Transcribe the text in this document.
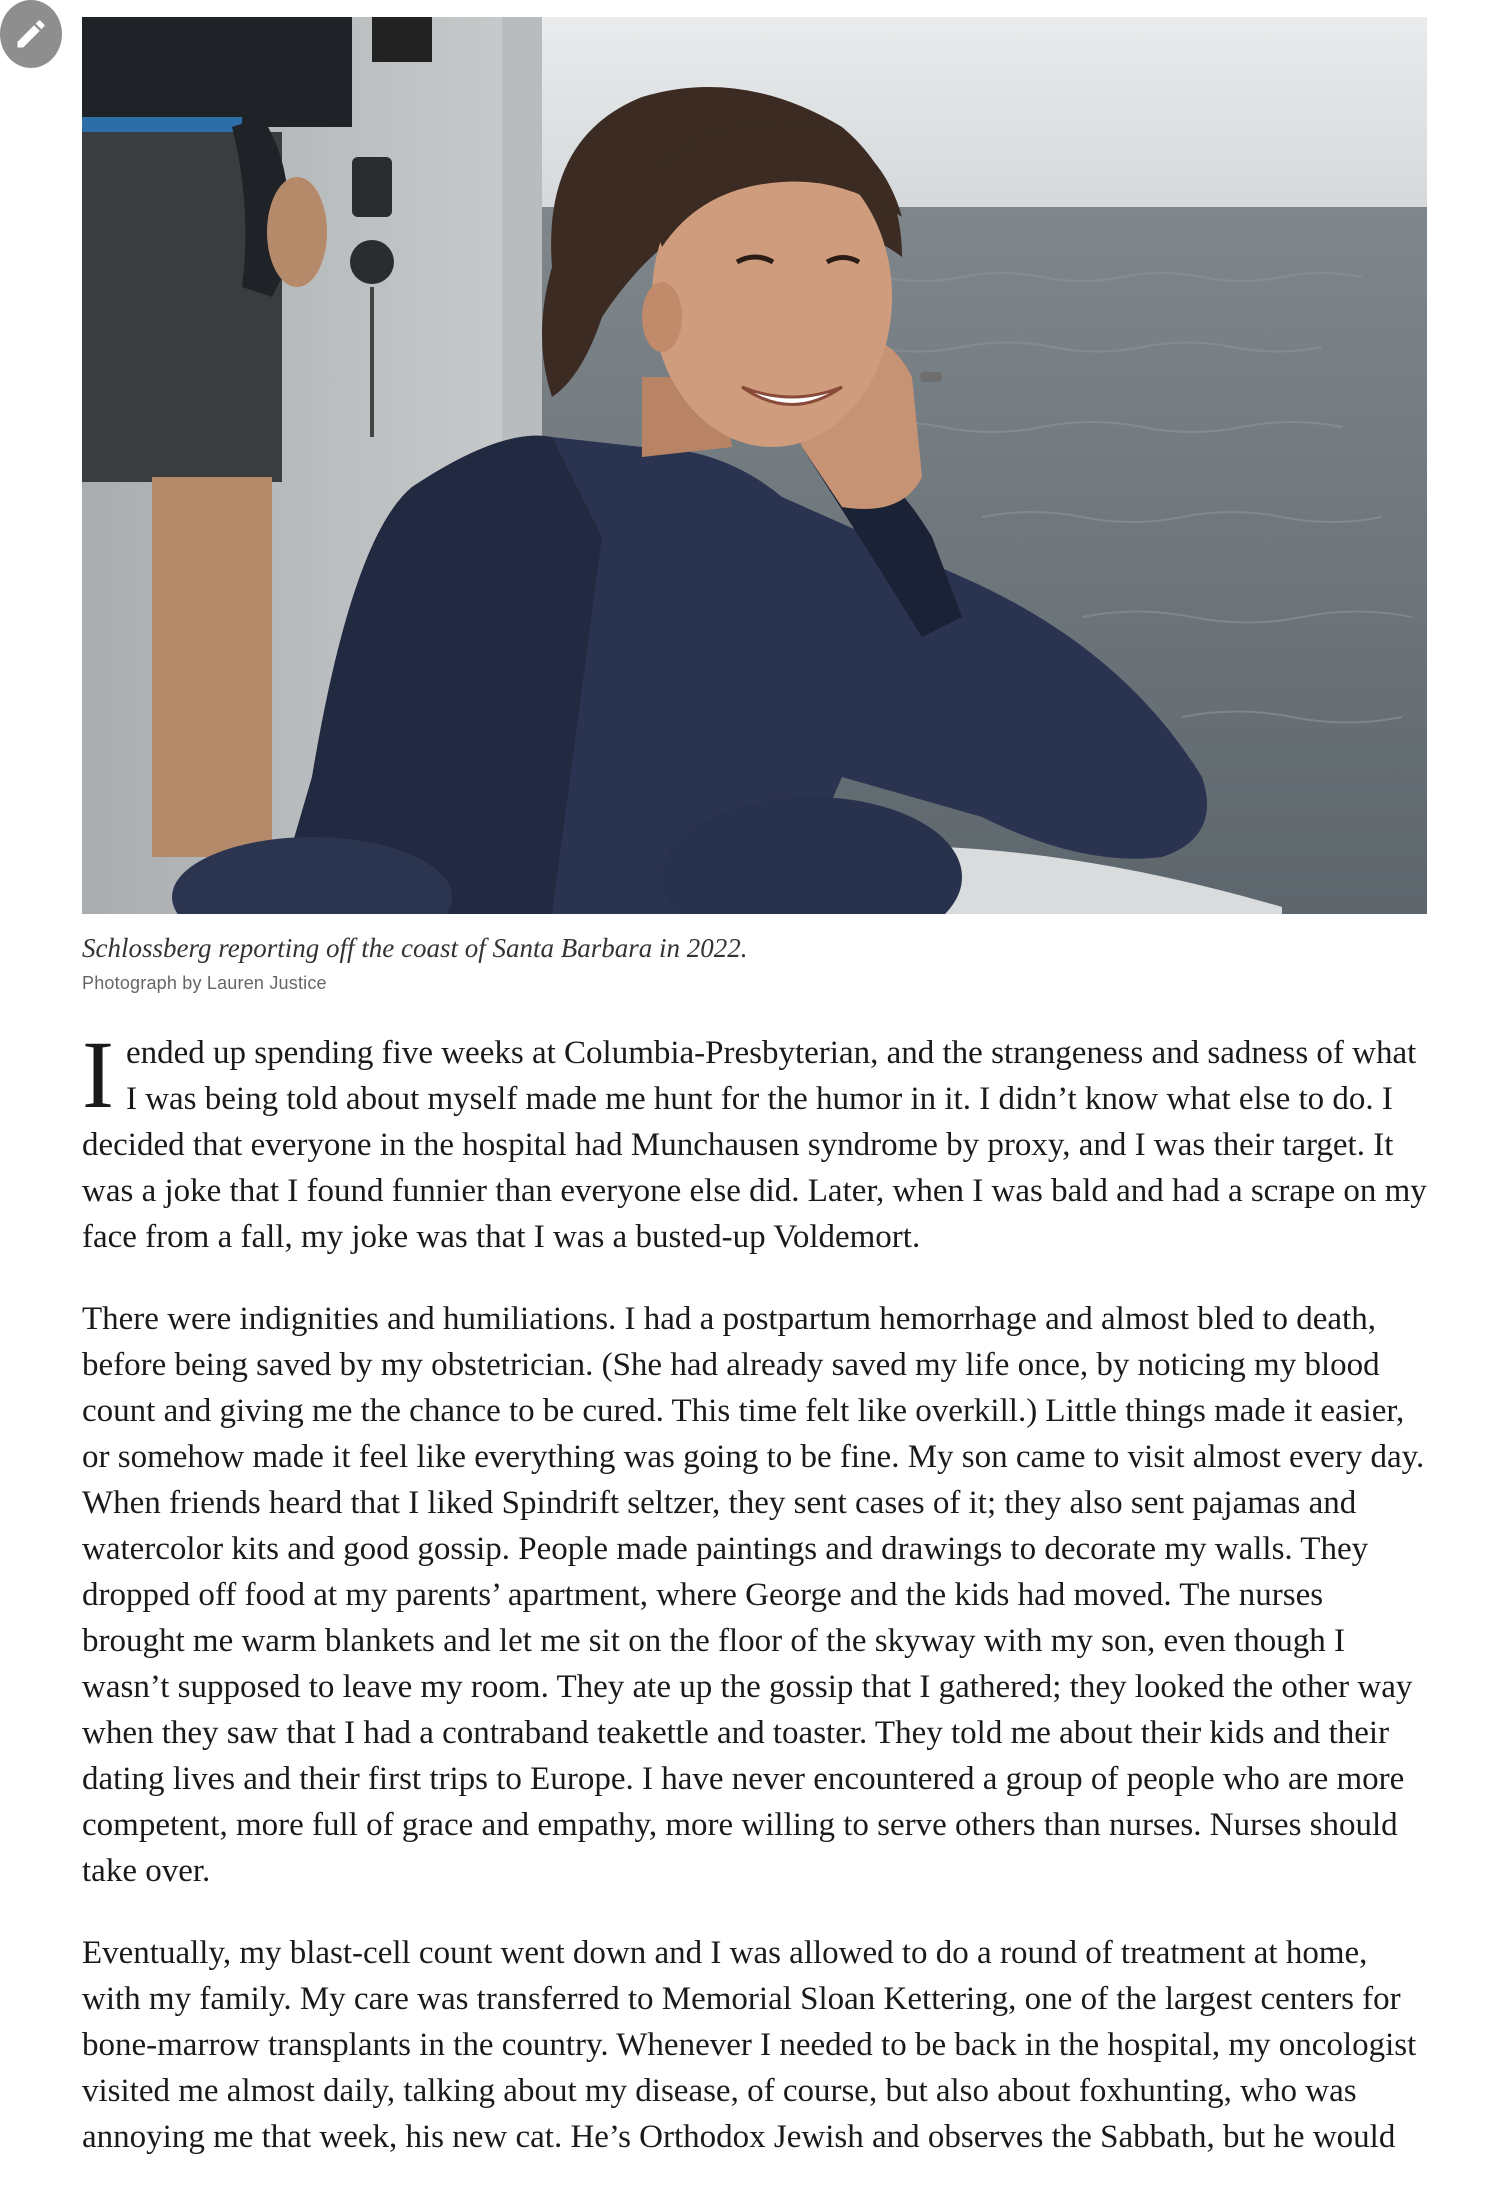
Schlossberg reporting off the coast of Santa Barbara in 2022.
Photograph by Lauren Justice

I ended up spending five weeks at Columbia-Presbyterian, and the strangeness and sadness of what I was being told about myself made me hunt for the humor in it. I didn’t know what else to do. I decided that everyone in the hospital had Munchausen syndrome by proxy, and I was their target. It was a joke that I found funnier than everyone else did. Later, when I was bald and had a scrape on my face from a fall, my joke was that I was a busted-up Voldemort.

There were indignities and humiliations. I had a postpartum hemorrhage and almost bled to death, before being saved by my obstetrician. (She had already saved my life once, by noticing my blood count and giving me the chance to be cured. This time felt like overkill.) Little things made it easier, or somehow made it feel like everything was going to be fine. My son came to visit almost every day. When friends heard that I liked Spindrift seltzer, they sent cases of it; they also sent pajamas and watercolor kits and good gossip. People made paintings and drawings to decorate my walls. They dropped off food at my parents’ apartment, where George and the kids had moved. The nurses brought me warm blankets and let me sit on the floor of the skyway with my son, even though I wasn’t supposed to leave my room. They ate up the gossip that I gathered; they looked the other way when they saw that I had a contraband teakettle and toaster. They told me about their kids and their dating lives and their first trips to Europe. I have never encountered a group of people who are more competent, more full of grace and empathy, more willing to serve others than nurses. Nurses should take over.

Eventually, my blast-cell count went down and I was allowed to do a round of treatment at home, with my family. My care was transferred to Memorial Sloan Kettering, one of the largest centers for bone-marrow transplants in the country. Whenever I needed to be back in the hospital, my oncologist visited me almost daily, talking about my disease, of course, but also about foxhunting, who was annoying me that week, his new cat. He’s Orthodox Jewish and observes the Sabbath, but he would
